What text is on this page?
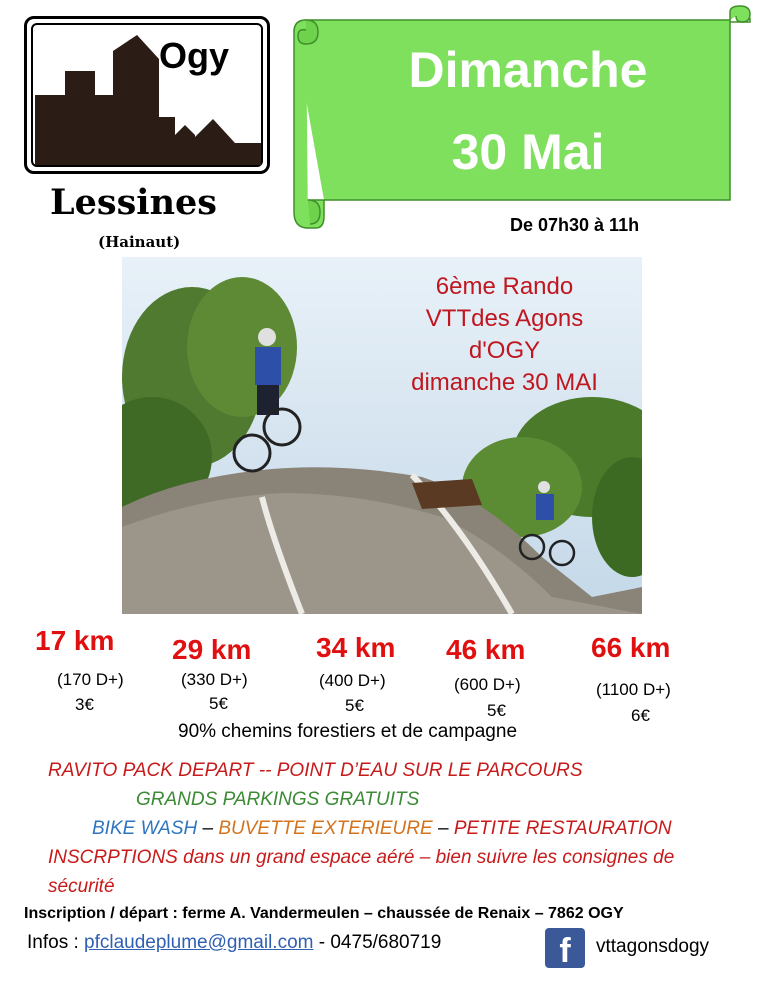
Ogy
Lessines
(Hainaut)
Dimanche
30 Mai
De 07h30 à 11h
6ème Rando
VTTdes Agons
d'OGY
dimanche 30 MAI
17 km
(170 D+)
3€
29 km
(330 D+)
5€
34 km
(400 D+)
5€
46 km
(600 D+)
5€
66 km
(1100 D+)
6€
90% chemins forestiers et de campagne
RAVITO PACK DEPART -- POINT D’EAU SUR LE PARCOURS
GRANDS PARKINGS GRATUITS
BIKE WASH – BUVETTE EXTERIEURE – PETITE RESTAURATION
INSCRPTIONS dans un grand espace aéré – bien suivre les consignes de
sécurité
Inscription / départ : ferme A. Vandermeulen – chaussée de Renaix – 7862 OGY
Infos : pfclaudeplume@gmail.com - 0475/680719	f	vttagonsdogy
